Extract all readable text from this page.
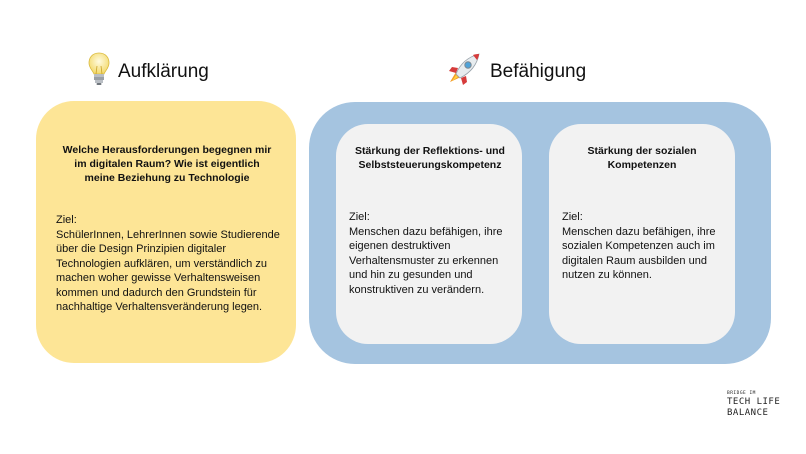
Aufklärung	Befähigung
Welche Herausforderungen begegnen mir im digitalen Raum? Wie ist eigentlich meine Beziehung zu Technologie
Ziel:
SchülerInnen, LehrerInnen sowie Studierende über die Design Prinzipien digitaler Technologien aufklären, um verständlich zu machen woher gewisse Verhaltensweisen kommen und dadurch den Grundstein für nachhaltige Verhaltensveränderung legen.
Stärkung der Reflektions- und Selbststeuerungskompetenz
Ziel:
Menschen dazu befähigen, ihre eigenen destruktiven Verhaltensmuster zu erkennen und hin zu gesunden und konstruktiven zu verändern.
Stärkung der sozialen Kompetenzen
Ziel:
Menschen dazu befähigen, ihre sozialen Kompetenzen auch im digitalen Raum ausbilden und nutzen zu können.
BRIDGE IM
TECH LIFE
BALANCE
